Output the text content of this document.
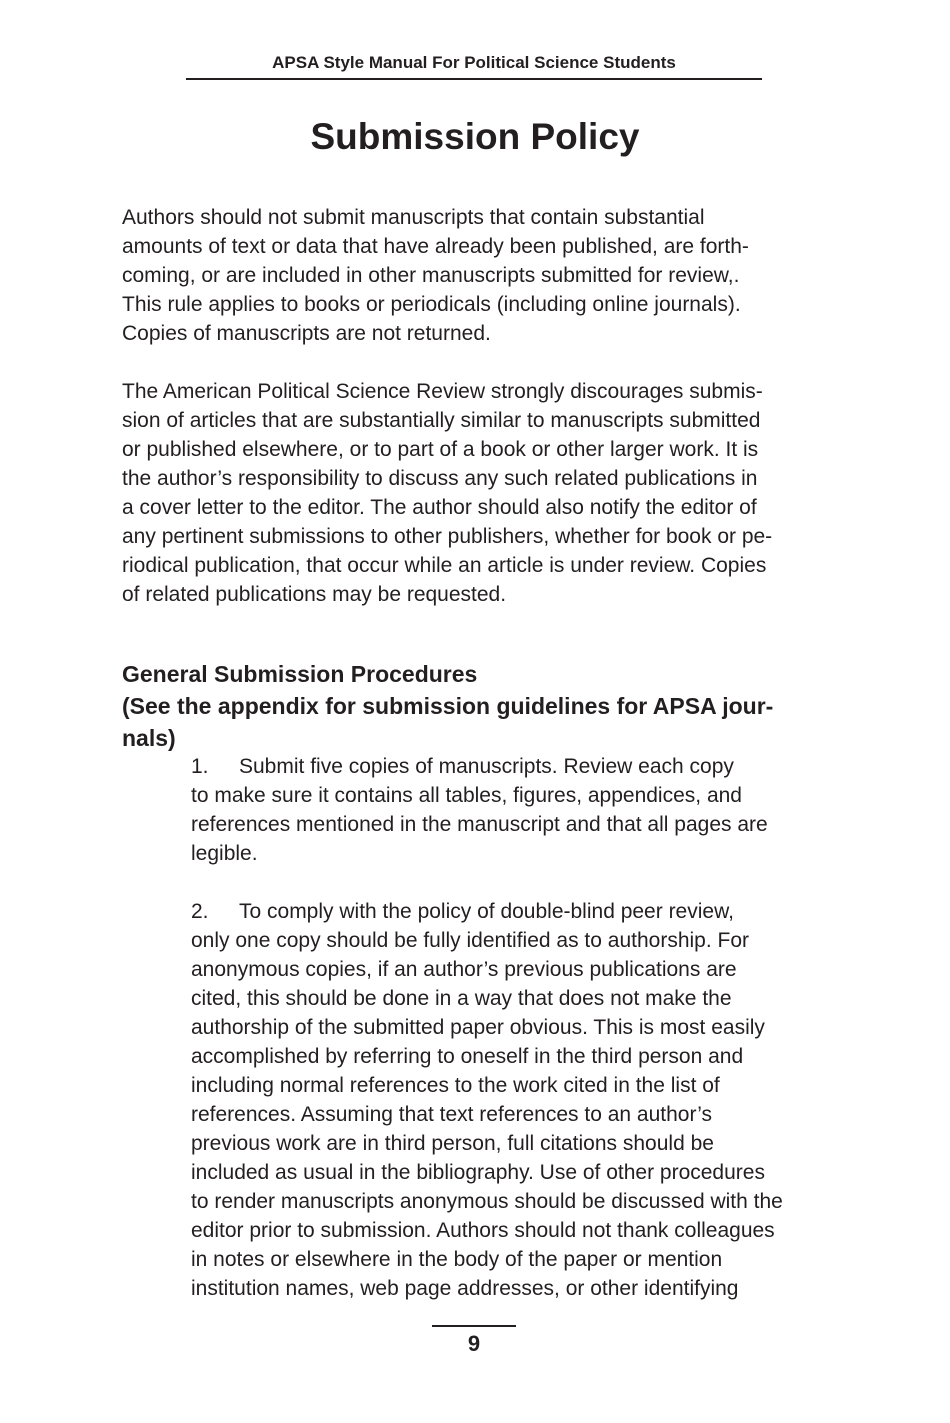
APSA Style Manual For Political Science Students
Submission Policy

Authors should not submit manuscripts that contain substantial
amounts of text or data that have already been published, are forth-
coming, or are included in other manuscripts submitted for review,.
This rule applies to books or periodicals (including online journals).
Copies of manuscripts are not returned.

The American Political Science Review strongly discourages submis-
sion of articles that are substantially similar to manuscripts submitted
or published elsewhere, or to part of a book or other larger work. It is
the author’s responsibility to discuss any such related publications in
a cover letter to the editor. The author should also notify the editor of
any pertinent submissions to other publishers, whether for book or pe-
riodical publication, that occur while an article is under review. Copies
of related publications may be requested.

General Submission Procedures
(See the appendix for submission guidelines for APSA jour-
nals)
1. Submit five copies of manuscripts. Review each copy
to make sure it contains all tables, figures, appendices, and
references mentioned in the manuscript and that all pages are
legible.
2. To comply with the policy of double-blind peer review,
only one copy should be fully identified as to authorship. For
anonymous copies, if an author’s previous publications are
cited, this should be done in a way that does not make the
authorship of the submitted paper obvious. This is most easily
accomplished by referring to oneself in the third person and
including normal references to the work cited in the list of
references. Assuming that text references to an author’s
previous work are in third person, full citations should be
included as usual in the bibliography. Use of other procedures
to render manuscripts anonymous should be discussed with the
editor prior to submission. Authors should not thank colleagues
in notes or elsewhere in the body of the paper or mention
institution names, web page addresses, or other identifying
9
